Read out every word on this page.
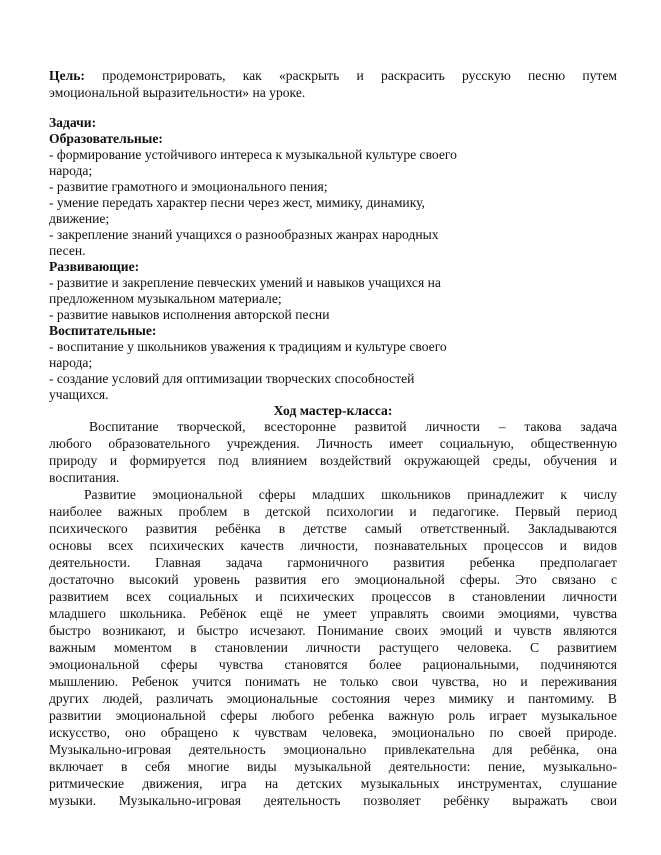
Цель: продемонстрировать, как «раскрыть и раскрасить русскую песню путем
эмоциональной выразительности» на уроке.
Задачи:
Образовательные:
- формирование устойчивого интереса к музыкальной культуре своего
народа;
- развитие грамотного и эмоционального пения;
- умение передать характер песни через жест, мимику, динамику,
движение;
- закрепление знаний учащихся о разнообразных жанрах народных
песен.
Развивающие:
- развитие и закрепление певческих умений и навыков учащихся на
предложенном музыкальном материале;
- развитие навыков исполнения авторской песни
Воспитательные:
- воспитание у школьников уважения к традициям и культуре своего
народа;
- создание условий для оптимизации творческих способностей
учащихся.
Ход мастер-класса:
Воспитание творческой, всесторонне развитой личности – такова задача
любого образовательного учреждения. Личность имеет социальную, общественную
природу и формируется под влиянием воздействий окружающей среды, обучения и
воспитания.
Развитие эмоциональной сферы младших школьников принадлежит к числу
наиболее важных проблем в детской психологии и педагогике. Первый период
психического развития ребёнка в детстве самый ответственный. Закладываются
основы всех психических качеств личности, познавательных процессов и видов
деятельности. Главная задача гармоничного развития ребенка предполагает
достаточно высокий уровень развития его эмоциональной сферы. Это связано с
развитием всех социальных и психических процессов в становлении личности
младшего школьника. Ребёнок ещё не умеет управлять своими эмоциями, чувства
быстро возникают, и быстро исчезают. Понимание своих эмоций и чувств являются
важным моментом в становлении личности растущего человека. С развитием
эмоциональной сферы чувства становятся более рациональными, подчиняются
мышлению. Ребенок учится понимать не только свои чувства, но и переживания
других людей, различать эмоциональные состояния через мимику и пантомиму. В
развитии эмоциональной сферы любого ребенка важную роль играет музыкальное
искусство, оно обращено к чувствам человека, эмоционально по своей природе.
Музыкально-игровая деятельность эмоционально привлекательна для ребёнка, она
включает в себя многие виды музыкальной деятельности: пение, музыкально-
ритмические движения, игра на детских музыкальных инструментах, слушание
музыки. Музыкально-игровая деятельность позволяет ребёнку выражать свои
